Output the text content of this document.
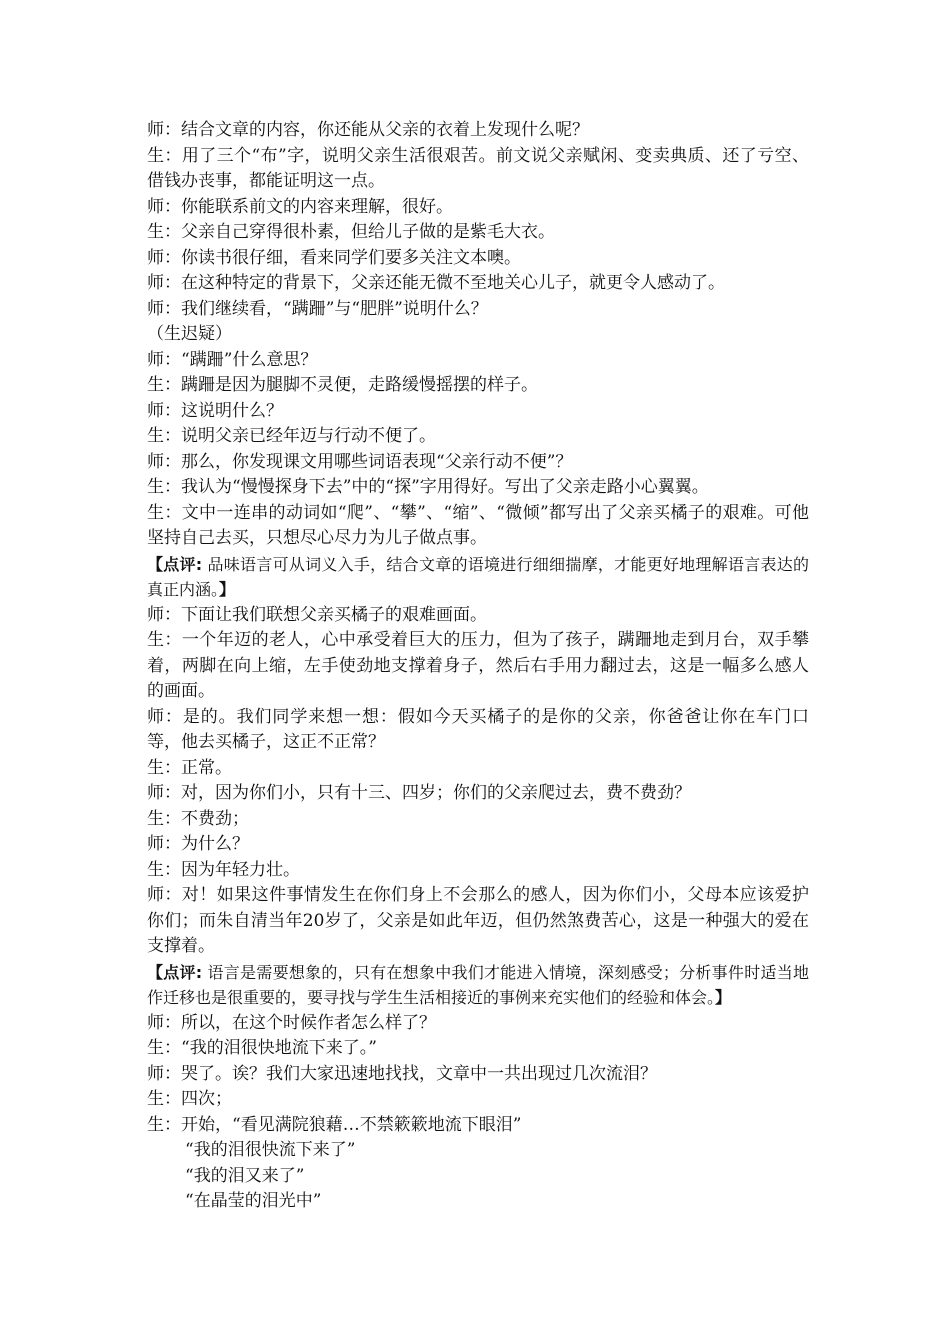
师：结合文章的内容，你还能从父亲的衣着上发现什么呢？
生：用了三个“布”字，说明父亲生活很艰苦。前文说父亲赋闲、变卖典质、还了亏空、借钱办丧事，都能证明这一点。
师：你能联系前文的内容来理解，很好。
生：父亲自己穿得很朴素，但给儿子做的是紫毛大衣。
师：你读书很仔细，看来同学们要多关注文本噢。
师：在这种特定的背景下，父亲还能无微不至地关心儿子，就更令人感动了。
师：我们继续看，“蹒跚”与“肥胖”说明什么？
（生迟疑）
师：“蹒跚”什么意思？
生：蹒跚是因为腿脚不灵便，走路缓慢摇摆的样子。
师：这说明什么？
生：说明父亲已经年迈与行动不便了。
师：那么，你发现课文用哪些词语表现“父亲行动不便”？
生：我认为“慢慢探身下去”中的“探”字用得好。写出了父亲走路小心翼翼。
生：文中一连串的动词如“爬”、“攀”、“缩”、“微倾”都写出了父亲买橘子的艰难。可他坚持自己去买，只想尽心尽力为儿子做点事。
【点评: 品味语言可从词义入手，结合文章的语境进行细细揣摩，才能更好地理解语言表达的真正内涵。】
师：下面让我们联想父亲买橘子的艰难画面。
生：一个年迈的老人，心中承受着巨大的压力，但为了孩子，蹒跚地走到月台，双手攀着，两脚在向上缩，左手使劲地支撑着身子，然后右手用力翻过去，这是一幅多么感人的画面。
师：是的。我们同学来想一想：假如今天买橘子的是你的父亲，你爸爸让你在车门口等，他去买橘子，这正不正常？
生：正常。
师：对，因为你们小，只有十三、四岁；你们的父亲爬过去，费不费劲？
生：不费劲；
师：为什么？
生：因为年轻力壮。
师：对！如果这件事情发生在你们身上不会那么的感人，因为你们小，父母本应该爱护你们；而朱自清当年20岁了，父亲是如此年迈，但仍然煞费苦心，这是一种强大的爱在支撑着。
【点评: 语言是需要想象的，只有在想象中我们才能进入情境，深刻感受；分析事件时适当地作迁移也是很重要的，要寻找与学生生活相接近的事例来充实他们的经验和体会。】
师：所以，在这个时候作者怎么样了？
生：“我的泪很快地流下来了。”
师：哭了。诶？我们大家迅速地找找，文章中一共出现过几次流泪？
生：四次；
生：开始，“看见满院狼藉…不禁簌簌地流下眼泪”
“我的泪很快流下来了”
“我的泪又来了”
“在晶莹的泪光中”
